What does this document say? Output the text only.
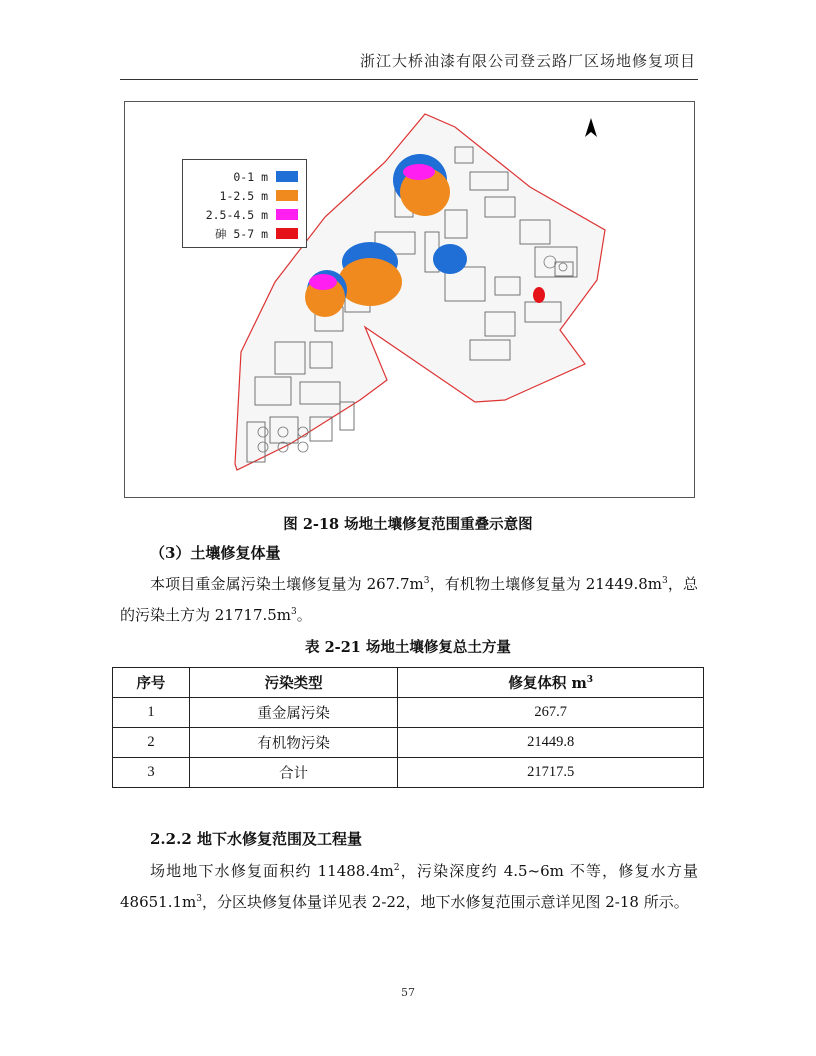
浙江大桥油漆有限公司登云路厂区场地修复项目
0-1 m
1-2.5 m
2.5-4.5 m
砷 5-7 m
图 2-18 场地土壤修复范围重叠示意图
（3）土壤修复体量
本项目重金属污染土壤修复量为 $267.7m^3$，有机物土壤修复量为 $21449.8m^3$，总的污染土方为 $21717.5m^3$。
表 2-21 场地土壤修复总土方量
序号	污染类型	修复体积 $m^3$
1	重金属污染	267.7
2	有机物污染	21449.8
3	合计	21717.5
2.2.2 地下水修复范围及工程量
场地地下水修复面积约 $11488.4m^2$，污染深度约 4.5~6m 不等，修复水方量 $48651.1m^3$，分区块修复体量详见表 2-22，地下水修复范围示意详见图 2-18 所示。
57
